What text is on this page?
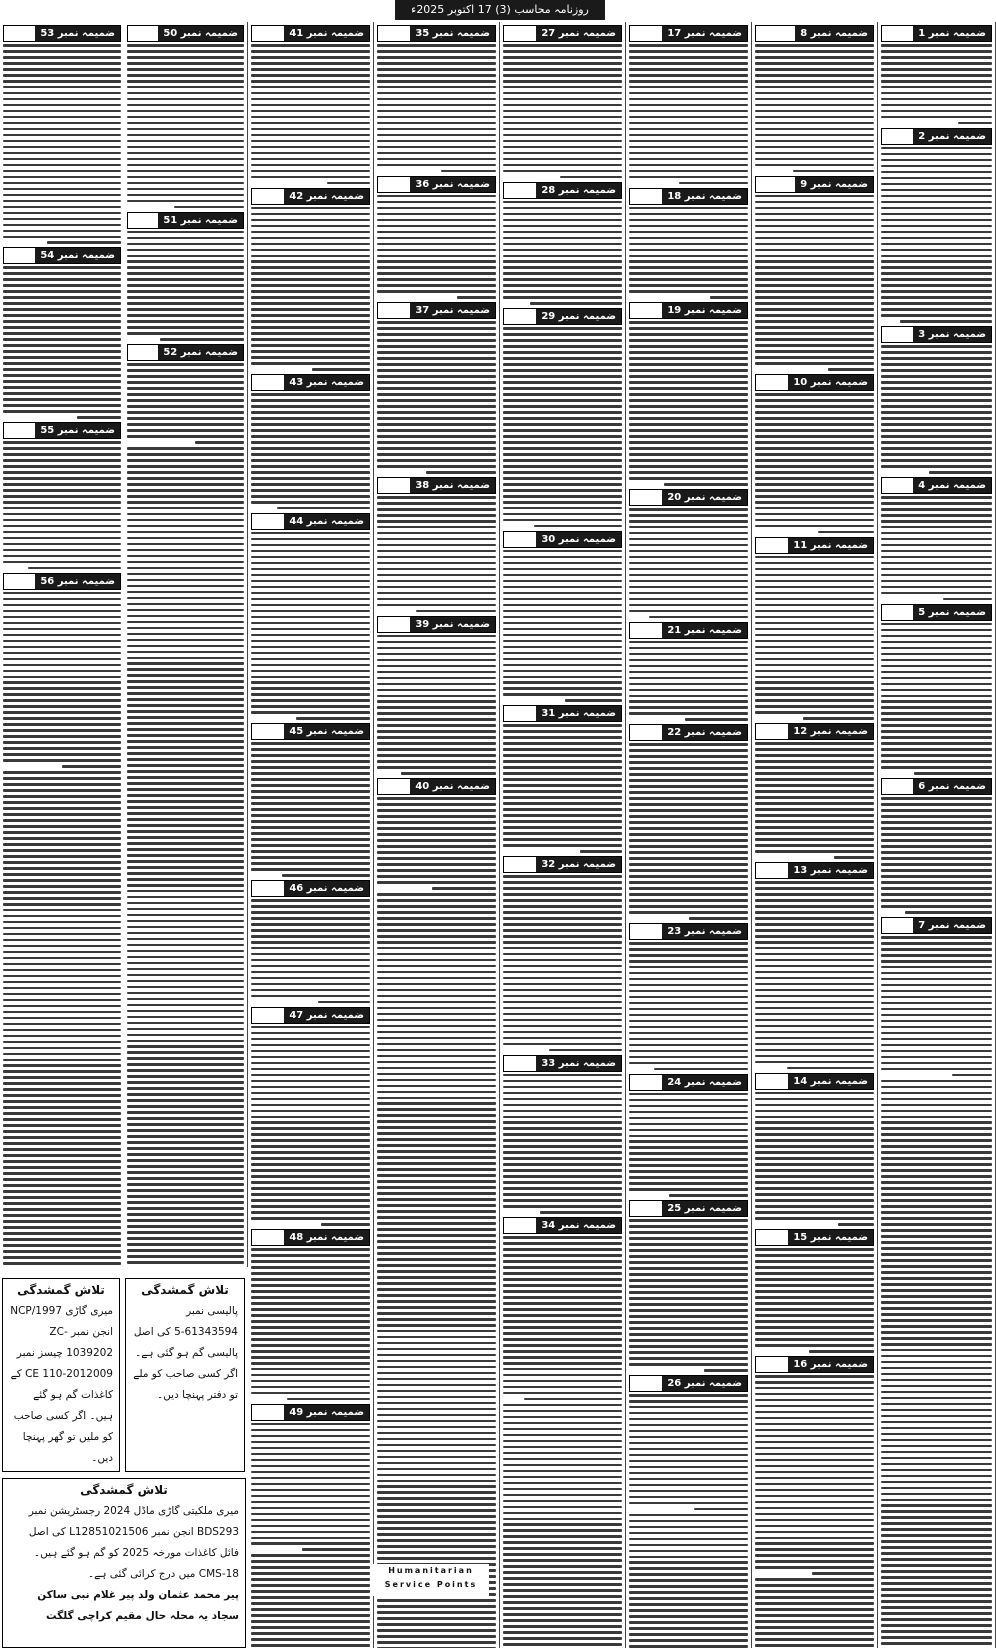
روزنامہ محاسب (3) 17 اکتوبر 2025ء
ضمیمہ نمبر 1
ضمیمہ نمبر 2
ضمیمہ نمبر 3
ضمیمہ نمبر 4
ضمیمہ نمبر 5
ضمیمہ نمبر 6
ضمیمہ نمبر 7
ضمیمہ نمبر 8
ضمیمہ نمبر 9
ضمیمہ نمبر 10
ضمیمہ نمبر 11
ضمیمہ نمبر 12
ضمیمہ نمبر 13
ضمیمہ نمبر 14
ضمیمہ نمبر 15
ضمیمہ نمبر 16
ضمیمہ نمبر 17
ضمیمہ نمبر 18
ضمیمہ نمبر 19
ضمیمہ نمبر 20
ضمیمہ نمبر 21
ضمیمہ نمبر 22
ضمیمہ نمبر 23
ضمیمہ نمبر 24
ضمیمہ نمبر 25
ضمیمہ نمبر 26
ضمیمہ نمبر 27
ضمیمہ نمبر 28
ضمیمہ نمبر 29
ضمیمہ نمبر 30
ضمیمہ نمبر 31
ضمیمہ نمبر 32
ضمیمہ نمبر 33
ضمیمہ نمبر 34
ضمیمہ نمبر 35
ضمیمہ نمبر 36
ضمیمہ نمبر 37
ضمیمہ نمبر 38
ضمیمہ نمبر 39
ضمیمہ نمبر 40
ضمیمہ نمبر 41
ضمیمہ نمبر 42
ضمیمہ نمبر 43
ضمیمہ نمبر 44
ضمیمہ نمبر 45
ضمیمہ نمبر 46
ضمیمہ نمبر 47
ضمیمہ نمبر 48
ضمیمہ نمبر 49
ضمیمہ نمبر 50
ضمیمہ نمبر 51
ضمیمہ نمبر 52
ضمیمہ نمبر 53
ضمیمہ نمبر 54
ضمیمہ نمبر 55
ضمیمہ نمبر 56
تلاش گمشدگی
میری گاڑی NCP/1997 انجن نمبر ZC-1039202 چیسز نمبر CE 110-2012009 کے کاغذات گم ہو گئے ہیں۔ اگر کسی صاحب کو ملیں تو گھر پہنچا دیں۔
تلاش گمشدگی
پالیسی نمبر 61343594-5 کی اصل پالیسی گم ہو گئی ہے۔ اگر کسی صاحب کو ملے تو دفتر پہنچا دیں۔
تلاش گمشدگی
میری ملکیتی گاڑی ماڈل 2024 رجسٹریشن نمبر BDS293 انجن نمبر L12851021506 کی اصل فائل کاغذات مورخہ 2025 کو گم ہو گئے ہیں۔ CMS-18 میں درج کرائی گئی ہے۔
پیر محمد عثمان ولد پیر غلام نبی ساکن سجاد یہ محلہ حال مقیم کراچی گلگت
Humanitarian Service Points
